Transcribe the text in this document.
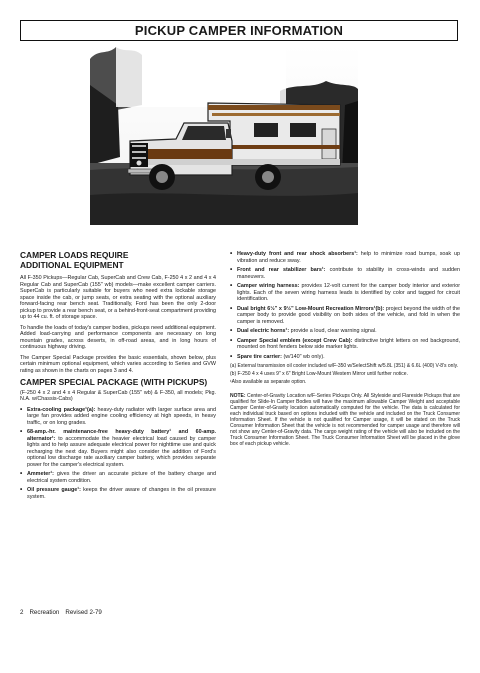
PICKUP CAMPER INFORMATION
CAMPER LOADS REQUIRE
ADDITIONAL EQUIPMENT

All F-350 Pickups—Regular Cab, SuperCab and Crew Cab, F-250 4 x 2 and 4 x 4 Regular Cab and SuperCab (155" wb) models—make excellent camper carriers. SuperCab is particularly suitable for buyers who need extra lockable storage space inside the cab, or jump seats, or extra seating with the optional auxiliary forward-facing rear bench seat. Traditionally, Ford has been the only 2-door pickup to provide a rear bench seat, or a behind-front-seat compartment providing up to 44 cu. ft. of storage space.

To handle the loads of today's camper bodies, pickups need additional equipment. Added load-carrying and performance components are necessary on long mountain grades, across deserts, in off-road areas, and in long hours of continuous highway driving.

The Camper Special Package provides the basic essentials, shown below, plus certain minimum optional equipment, which varies according to Series and GVW rating as shown in the charts on pages 3 and 4.

CAMPER SPECIAL PACKAGE (WITH PICKUPS)

(F-250 4 x 2 and 4 x 4 Regular & SuperCab (155" wb) & F-350, all models; Pkg. N.A. w/Chassis-Cabs)

• Extra-cooling package¹(a): heavy-duty radiator with larger surface area and large fan provides added engine cooling efficiency at high speeds, in heavy traffic, or on long grades.
• 68-amp.-hr. maintenance-free heavy-duty battery¹ and 60-amp. alternator¹: to accommodate the heavier electrical load caused by camper lights and to help assure adequate electrical power for nighttime use and quick recharging the next day. Buyers might also consider the addition of Ford's optional low discharge rate auxiliary camper battery, which provides separate power for the camper's electrical system.
• Ammeter¹: gives the driver an accurate picture of the battery charge and electrical system condition.
• Oil pressure gauge¹: keeps the driver aware of changes in the oil pressure system.
• Heavy-duty front and rear shock absorbers¹: help to minimize road bumps, soak up vibration and reduce sway.
• Front and rear stabilizer bars¹: contribute to stability in cross-winds and sudden maneuvers.
• Camper wiring harness: provides 12-volt current for the camper body interior and exterior lights. Each of the seven wiring harness leads is identified by color and tagged for circuit identification.
• Dual bright 6½" x 9½" Low-Mount Recreation Mirrors¹(b): project beyond the width of the camper body to provide good visibility on both sides of the vehicle, and fold in when the camper is removed.
• Dual electric horns¹: provide a loud, clear warning signal.
• Camper Special emblem (except Crew Cab): distinctive bright letters on red background, mounted on front fenders below side marker lights.
• Spare tire carrier: (w/140" wb only).
(a) External transmission oil cooler included w/F-350 w/SelectShift w/5.8L (351) & 6.6L (400) V-8's only.
(b) F-250 4 x 4 uses 9" x 6" Bright Low-Mount Western Mirror until further notice.
¹Also available as separate option.
NOTE: Center-of-Gravity Location w/F-Series Pickups Only. All Styleside and Flareside Pickups that are qualified for Slide-In Camper Bodies will have the maximum allowable Camper Weight and acceptable Camper Center-of-Gravity location automatically computed for the vehicle. The data is calculated for each individual truck based on options included with the vehicle and included on the Truck Consumer Information Sheet. If the vehicle is not qualified for Camper usage, it will be stated on the Truck Consumer Information Sheet that the vehicle is not recommended for camper usage and therefore will not show any Center-of-Gravity data. The cargo weight rating of the vehicle will also be included on the Truck Consumer Information Sheet. The Truck Consumer Information Sheet will be placed in the glove box of each pickup vehicle.
2 Recreation Revised 2-79
